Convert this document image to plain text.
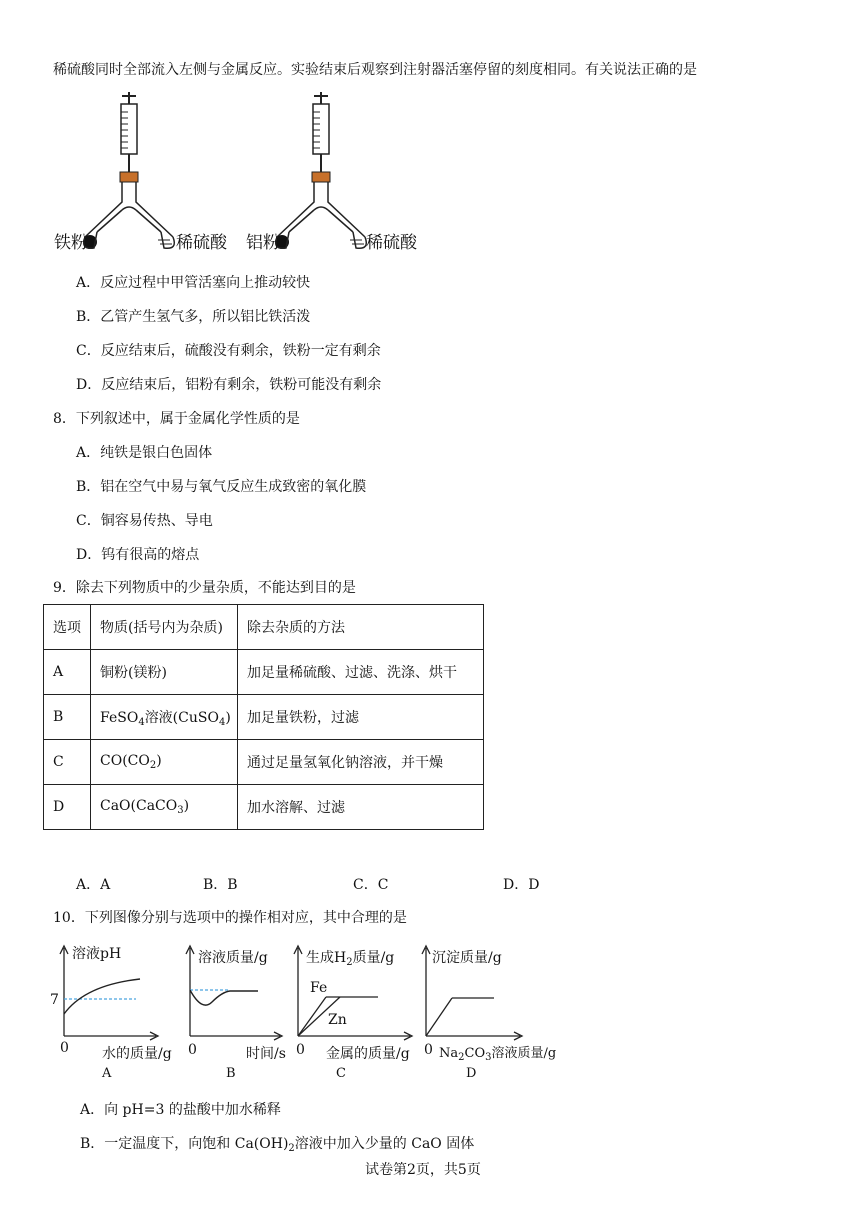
稀硫酸同时全部流入左侧与金属反应。实验结束后观察到注射器活塞停留的刻度相同。有关说法正确的是
铁粉	稀硫酸 铝粉	稀硫酸
A．反应过程中甲管活塞向上推动较快
B．乙管产生氢气多，所以铝比铁活泼
C．反应结束后，硫酸没有剩余，铁粉一定有剩余
D．反应结束后，铝粉有剩余，铁粉可能没有剩余
8．下列叙述中，属于金属化学性质的是
A．纯铁是银白色固体
B．铝在空气中易与氧气反应生成致密的氧化膜
C．铜容易传热、导电
D．钨有很高的熔点
9．除去下列物质中的少量杂质，不能达到目的是
选项	物质(括号内为杂质)	除去杂质的方法
A	铜粉(镁粉)	加足量稀硫酸、过滤、洗涤、烘干
B	FeSO$_4$溶液(CuSO$_4$)	加足量铁粉，过滤
C	$CO(CO_2)$	通过足量氢氧化钠溶液，并干燥
D	CaO(CaCO$_3$)	加水溶解、过滤
A．A	B．B	C．C	D．D
10．下列图像分别与选项中的操作相对应，其中合理的是
溶液pH
7
0 水的质量/g
A
溶液质量/g
0	时间/s
B
生成$H_2$质量/g
Fe
Zn
0 金属的质量/g
C
沉淀质量/g
0 $Na_2CO_3$溶液质量/g
D
A．向 pH=3 的盐酸中加水稀释
B．一定温度下，向饱和 $Ca(OH)_2$溶液中加入少量的 CaO 固体
试卷第2页，共5页
